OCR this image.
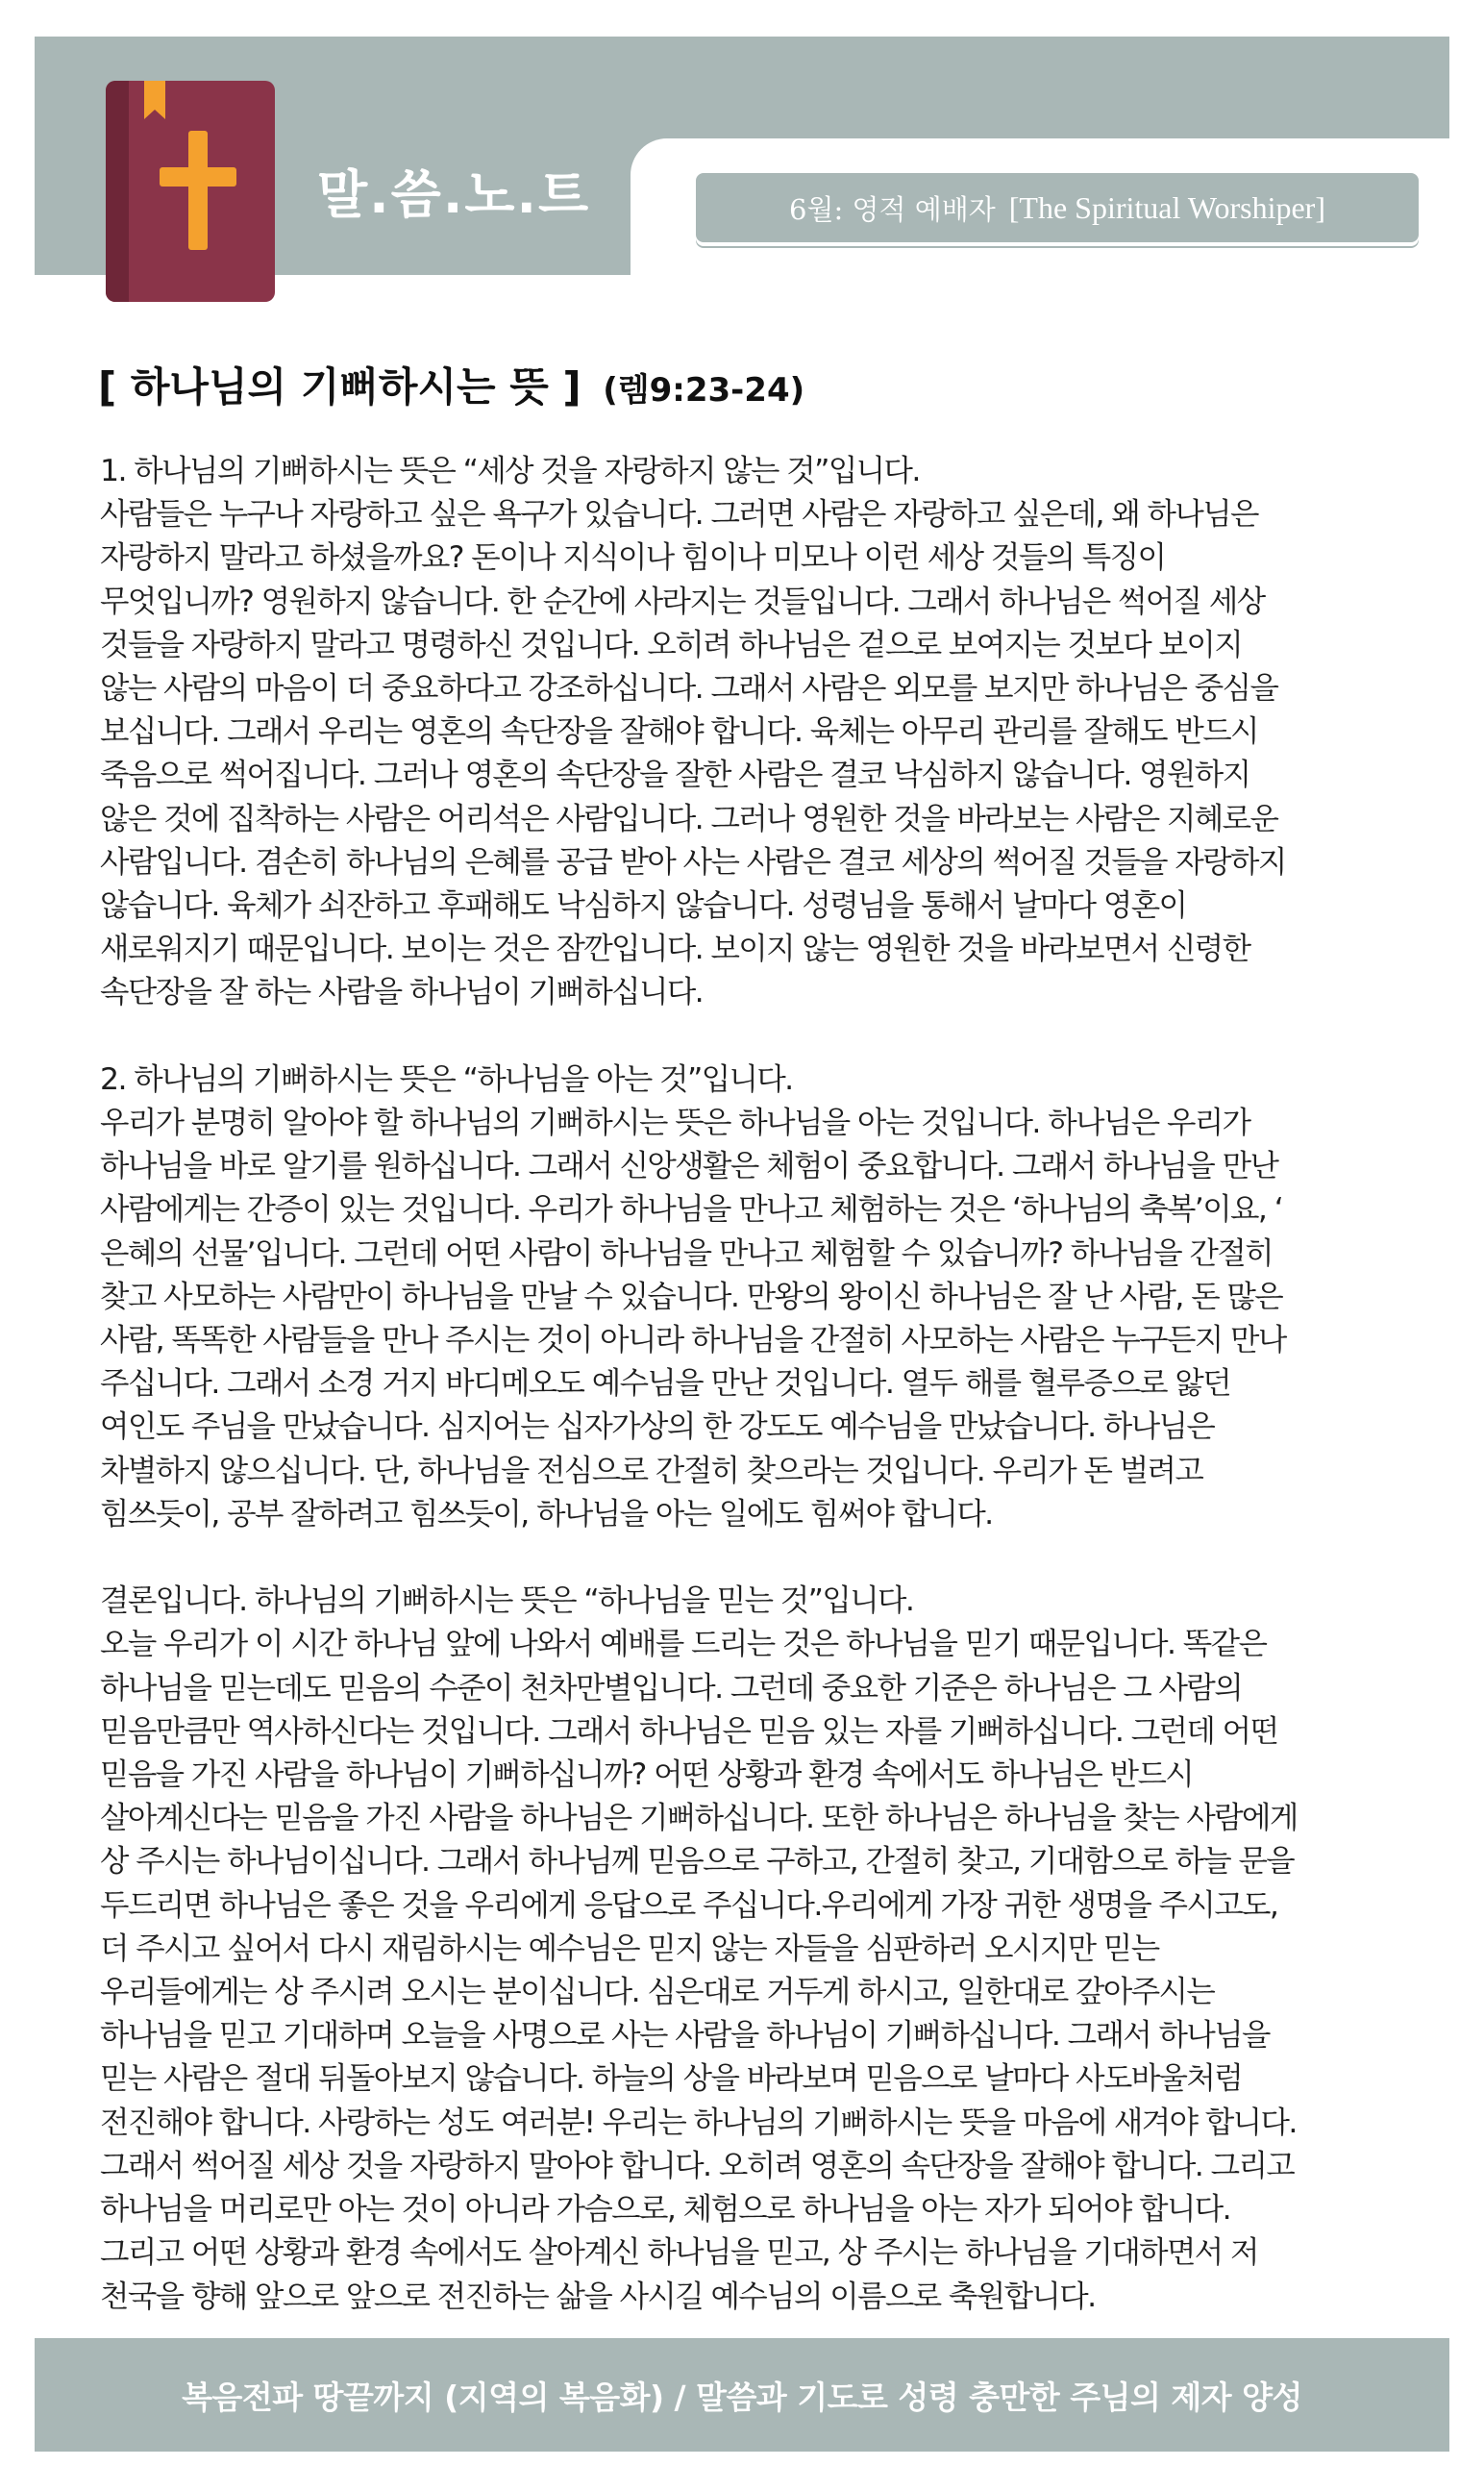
말.씀.노.트	6월: 영적 예배자 [The Spiritual Worshiper]
[ 하나님의 기뻐하시는 뜻 ] (렘9:23-24)
1. 하나님의 기뻐하시는 뜻은 “세상 것을 자랑하지 않는 것”입니다.
사람들은 누구나 자랑하고 싶은 욕구가 있습니다. 그러면 사람은 자랑하고 싶은데, 왜 하나님은
자랑하지 말라고 하셨을까요? 돈이나 지식이나 힘이나 미모나 이런 세상 것들의 특징이
무엇입니까? 영원하지 않습니다. 한 순간에 사라지는 것들입니다. 그래서 하나님은 썩어질 세상
것들을 자랑하지 말라고 명령하신 것입니다. 오히려 하나님은 겉으로 보여지는 것보다 보이지
않는 사람의 마음이 더 중요하다고 강조하십니다. 그래서 사람은 외모를 보지만 하나님은 중심을
보십니다. 그래서 우리는 영혼의 속단장을 잘해야 합니다. 육체는 아무리 관리를 잘해도 반드시
죽음으로 썩어집니다. 그러나 영혼의 속단장을 잘한 사람은 결코 낙심하지 않습니다. 영원하지
않은 것에 집착하는 사람은 어리석은 사람입니다. 그러나 영원한 것을 바라보는 사람은 지혜로운
사람입니다. 겸손히 하나님의 은혜를 공급 받아 사는 사람은 결코 세상의 썩어질 것들을 자랑하지
않습니다. 육체가 쇠잔하고 후패해도 낙심하지 않습니다. 성령님을 통해서 날마다 영혼이
새로워지기 때문입니다. 보이는 것은 잠깐입니다. 보이지 않는 영원한 것을 바라보면서 신령한
속단장을 잘 하는 사람을 하나님이 기뻐하십니다.
2. 하나님의 기뻐하시는 뜻은 “하나님을 아는 것”입니다.
우리가 분명히 알아야 할 하나님의 기뻐하시는 뜻은 하나님을 아는 것입니다. 하나님은 우리가
하나님을 바로 알기를 원하십니다. 그래서 신앙생활은 체험이 중요합니다. 그래서 하나님을 만난
사람에게는 간증이 있는 것입니다. 우리가 하나님을 만나고 체험하는 것은 ‘하나님의 축복’이요, ‘
은혜의 선물’입니다. 그런데 어떤 사람이 하나님을 만나고 체험할 수 있습니까? 하나님을 간절히
찾고 사모하는 사람만이 하나님을 만날 수 있습니다. 만왕의 왕이신 하나님은 잘 난 사람, 돈 많은
사람, 똑똑한 사람들을 만나 주시는 것이 아니라 하나님을 간절히 사모하는 사람은 누구든지 만나
주십니다. 그래서 소경 거지 바디메오도 예수님을 만난 것입니다. 열두 해를 혈루증으로 앓던
여인도 주님을 만났습니다. 심지어는 십자가상의 한 강도도 예수님을 만났습니다. 하나님은
차별하지 않으십니다. 단, 하나님을 전심으로 간절히 찾으라는 것입니다. 우리가 돈 벌려고
힘쓰듯이, 공부 잘하려고 힘쓰듯이, 하나님을 아는 일에도 힘써야 합니다.
결론입니다. 하나님의 기뻐하시는 뜻은 “하나님을 믿는 것”입니다.
오늘 우리가 이 시간 하나님 앞에 나와서 예배를 드리는 것은 하나님을 믿기 때문입니다. 똑같은
하나님을 믿는데도 믿음의 수준이 천차만별입니다. 그런데 중요한 기준은 하나님은 그 사람의
믿음만큼만 역사하신다는 것입니다. 그래서 하나님은 믿음 있는 자를 기뻐하십니다. 그런데 어떤
믿음을 가진 사람을 하나님이 기뻐하십니까? 어떤 상황과 환경 속에서도 하나님은 반드시
살아계신다는 믿음을 가진 사람을 하나님은 기뻐하십니다. 또한 하나님은 하나님을 찾는 사람에게
상 주시는 하나님이십니다. 그래서 하나님께 믿음으로 구하고, 간절히 찾고, 기대함으로 하늘 문을
두드리면 하나님은 좋은 것을 우리에게 응답으로 주십니다.우리에게 가장 귀한 생명을 주시고도,
더 주시고 싶어서 다시 재림하시는 예수님은 믿지 않는 자들을 심판하러 오시지만 믿는
우리들에게는 상 주시려 오시는 분이십니다. 심은대로 거두게 하시고, 일한대로 갚아주시는
하나님을 믿고 기대하며 오늘을 사명으로 사는 사람을 하나님이 기뻐하십니다. 그래서 하나님을
믿는 사람은 절대 뒤돌아보지 않습니다. 하늘의 상을 바라보며 믿음으로 날마다 사도바울처럼
전진해야 합니다. 사랑하는 성도 여러분! 우리는 하나님의 기뻐하시는 뜻을 마음에 새겨야 합니다.
그래서 썩어질 세상 것을 자랑하지 말아야 합니다. 오히려 영혼의 속단장을 잘해야 합니다. 그리고
하나님을 머리로만 아는 것이 아니라 가슴으로, 체험으로 하나님을 아는 자가 되어야 합니다.
그리고 어떤 상황과 환경 속에서도 살아계신 하나님을 믿고, 상 주시는 하나님을 기대하면서 저
천국을 향해 앞으로 앞으로 전진하는 삶을 사시길 예수님의 이름으로 축원합니다.
복음전파 땅끝까지 (지역의 복음화) / 말씀과 기도로 성령 충만한 주님의 제자 양성
